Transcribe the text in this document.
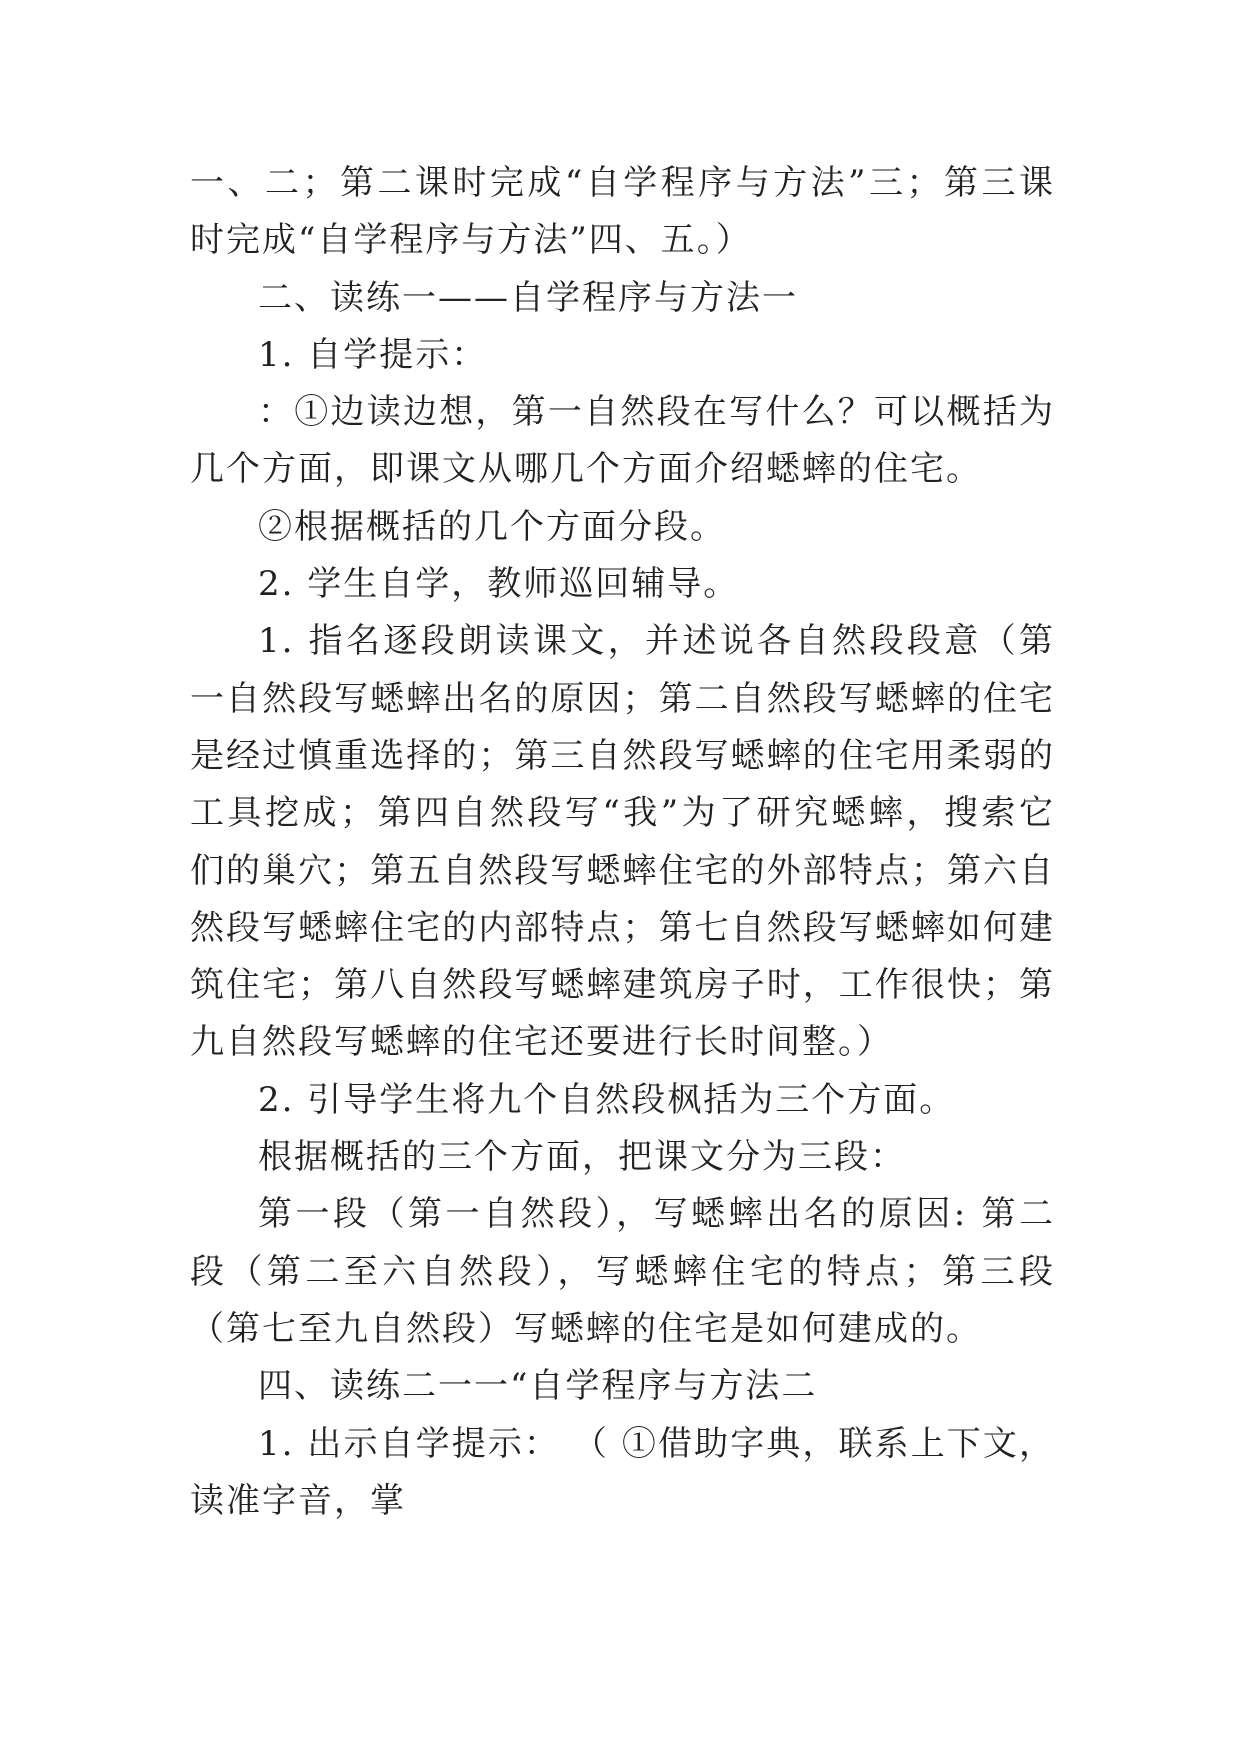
一、二；第二课时完成“自学程序与方法”三；第三课时完成“自学程序与方法”四、五。）

二、读练一——自学程序与方法一

1. 自学提示：

：①边读边想，第一自然段在写什么？可以概括为几个方面，即课文从哪几个方面介绍蟋蟀的住宅。

②根据概括的几个方面分段。

2. 学生自学，教师巡回辅导。

1. 指名逐段朗读课文，并述说各自然段段意（第一自然段写蟋蟀出名的原因；第二自然段写蟋蟀的住宅是经过慎重选择的；第三自然段写蟋蟀的住宅用柔弱的工具挖成；第四自然段写“我”为了研究蟋蟀，搜索它们的巢穴；第五自然段写蟋蟀住宅的外部特点；第六自然段写蟋蟀住宅的内部特点；第七自然段写蟋蟀如何建筑住宅；第八自然段写蟋蟀建筑房子时，工作很快；第九自然段写蟋蟀的住宅还要进行长时间整。）

2. 引导学生将九个自然段枫括为三个方面。

根据概括的三个方面，把课文分为三段：

第一段（第一自然段），写蟋蟀出名的原因: 第二段（第二至六自然段），写蟋蟀住宅的特点；第三段（第七至九自然段）写蟋蟀的住宅是如何建成的。

四、读练二一一“自学程序与方法二

1. 出示自学提示： （ ①借助字典，联系上下文，读准字音，掌
